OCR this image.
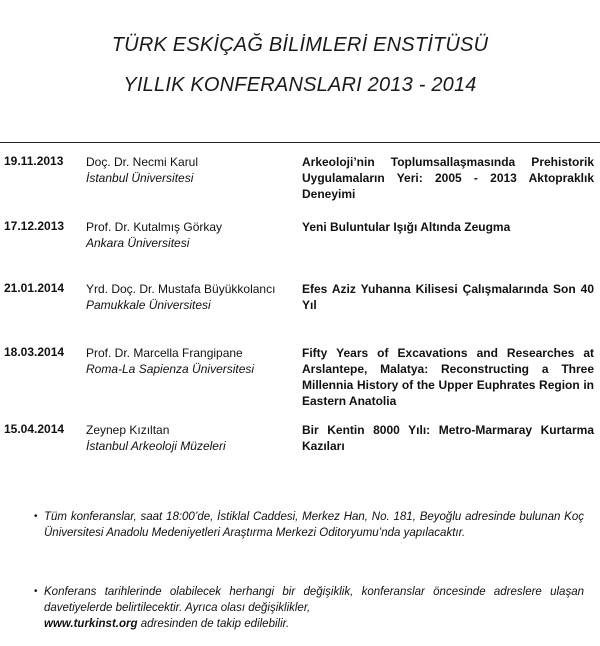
TÜRK ESKİÇAĞ BİLİMLERİ ENSTİTÜSÜ
YILLIK KONFERANSLARI 2013 - 2014
19.11.2013 Doç. Dr. Necmi Karul
İstanbul Üniversitesi
Arkeoloji’nin Toplumsallaşmasında Prehistorik Uygulamaların Yeri: 2005 - 2013 Aktopraklık Deneyimi
17.12.2013 Prof. Dr. Kutalmış Görkay
Ankara Üniversitesi
Yeni Buluntular Işığı Altında Zeugma
21.01.2014 Yrd. Doç. Dr. Mustafa Büyükkolancı
Pamukkale Üniversitesi
Efes Aziz Yuhanna Kilisesi Çalışmalarında Son 40 Yıl
18.03.2014 Prof. Dr. Marcella Frangipane
Roma-La Sapienza Üniversitesi
Fifty Years of Excavations and Researches at Arslantepe, Malatya: Reconstructing a Three Millennia History of the Upper Euphrates Region in Eastern Anatolia
15.04.2014 Zeynep Kızıltan
İstanbul Arkeoloji Müzeleri
Bir Kentin 8000 Yılı: Metro-Marmaray Kurtarma Kazıları
• Tüm konferanslar, saat 18:00’de, İstiklal Caddesi, Merkez Han, No. 181, Beyoğlu adresinde bulunan Koç Üniversitesi Anadolu Medeniyetleri Araştırma Merkezi Oditoryumu’nda yapılacaktır.
• Konferans tarihlerinde olabilecek herhangi bir değişiklik, konferanslar öncesinde adreslere ulaşan davetiyelerde belirtilecektir. Ayrıca olası değişiklikler,
www.turkinst.org adresinden de takip edilebilir.
